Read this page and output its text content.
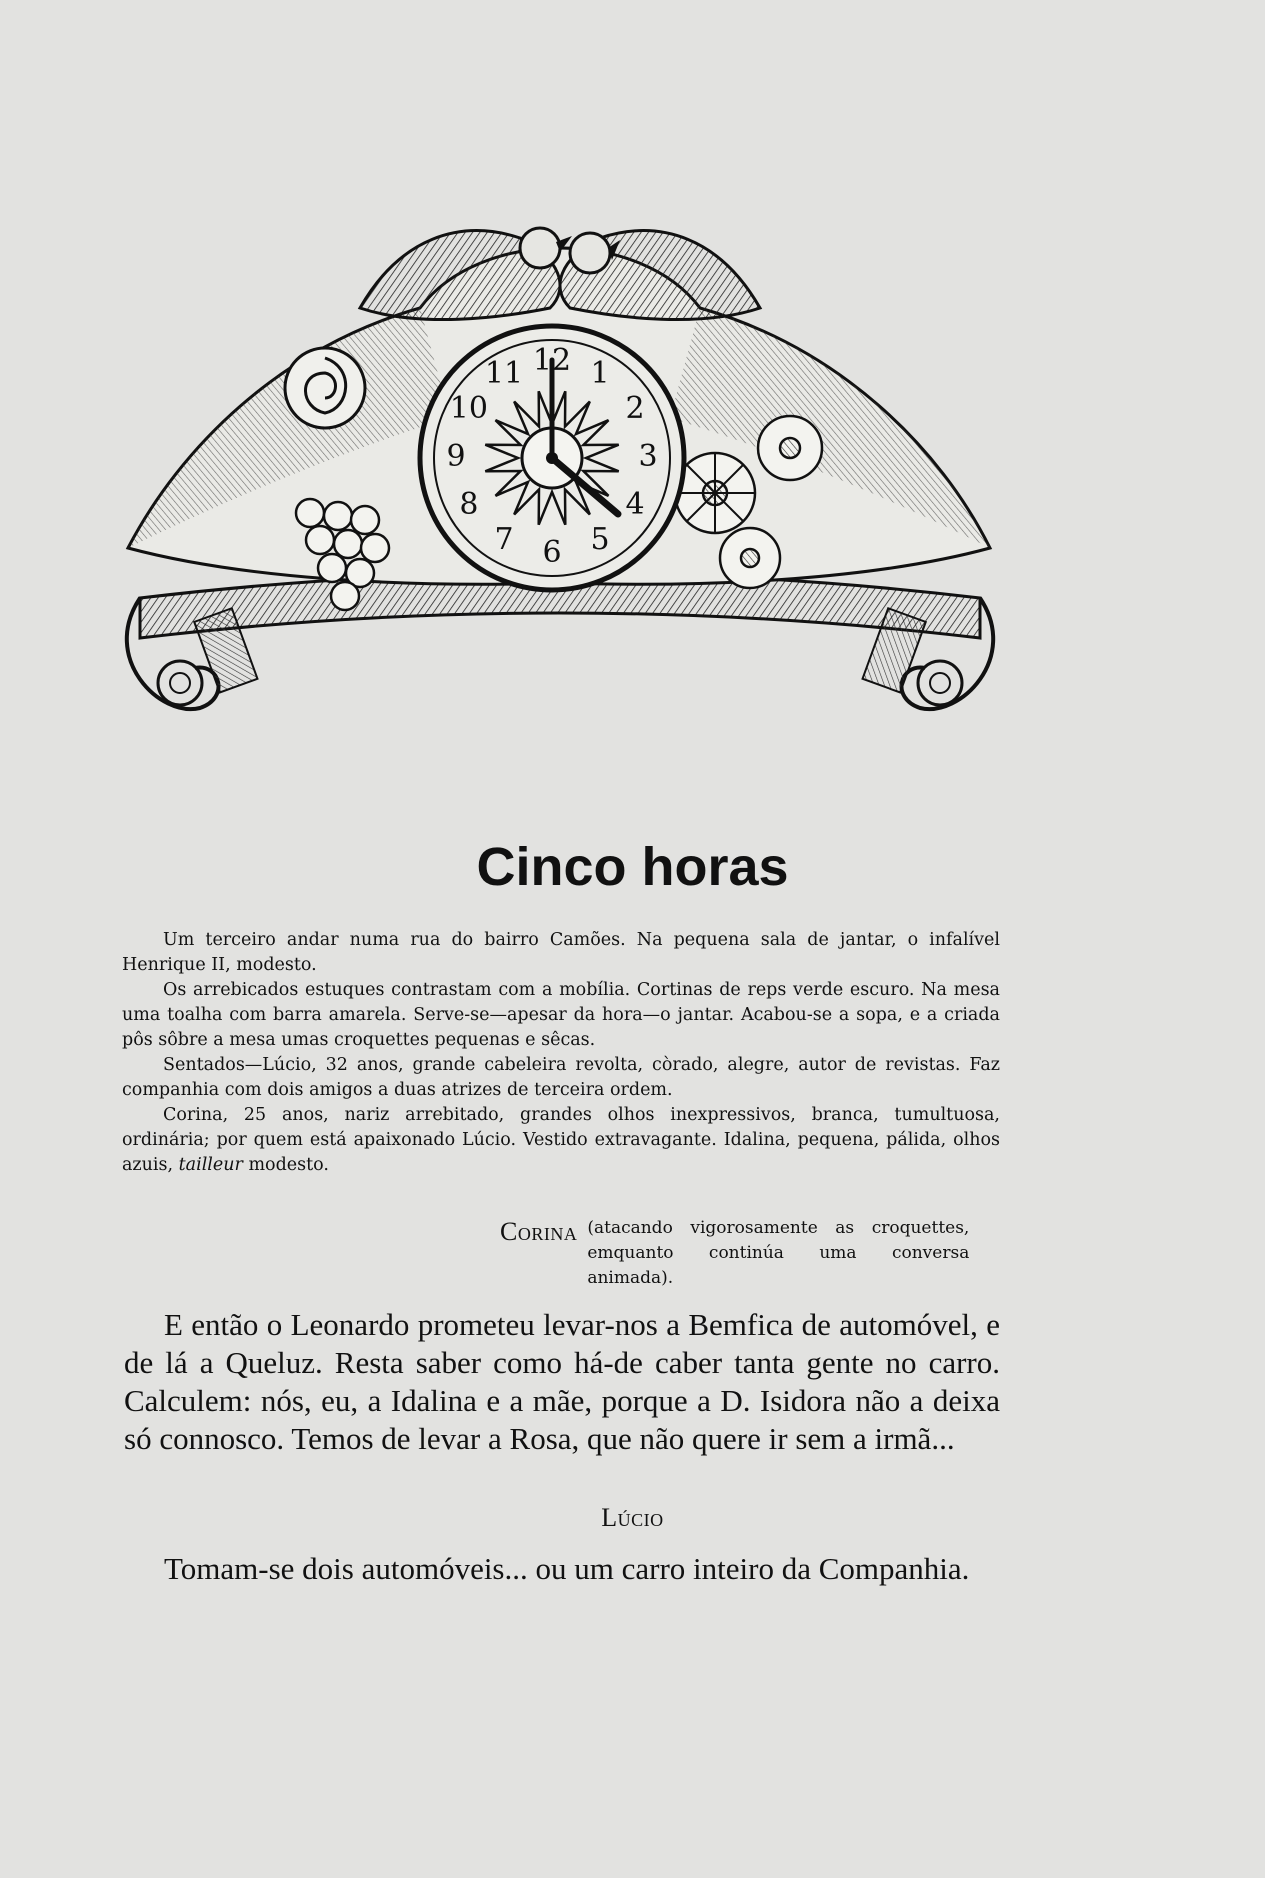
12 1
2
3
4
5
6
7
8
9
10
11
Cinco horas

Um terceiro andar numa rua do bairro Camões. Na pequena sala de jantar, o infalível Henrique II, modesto.

Os arrebicados estuques contrastam com a mobília. Cortinas de reps verde escuro. Na mesa uma toalha com barra amarela. Serve-se—apesar da hora—o jantar. Acabou-se a sopa, e a criada pôs sôbre a mesa umas croquettes pequenas e sêcas.

Sentados—Lúcio, 32 anos, grande cabeleira revolta, còrado, alegre, autor de revistas. Faz companhia com dois amigos a duas atrizes de terceira ordem.

Corina, 25 anos, nariz arrebitado, grandes olhos inexpressivos, branca, tumultuosa, ordinária; por quem está apaixonado Lúcio. Vestido extravagante. Idalina, pequena, pálida, olhos azuis, tailleur modesto.

Corina (atacando vigorosamente as croquettes, emquanto continúa uma conversa animada).

E então o Leonardo prometeu levar-nos a Bemfica de automóvel, e de lá a Queluz. Resta saber como há-de caber tanta gente no carro. Calculem: nós, eu, a Idalina e a mãe, porque a D. Isidora não a deixa só connosco. Temos de levar a Rosa, que não quere ir sem a irmã...

Lúcio

Tomam-se dois automóveis... ou um carro inteiro da Companhia.
